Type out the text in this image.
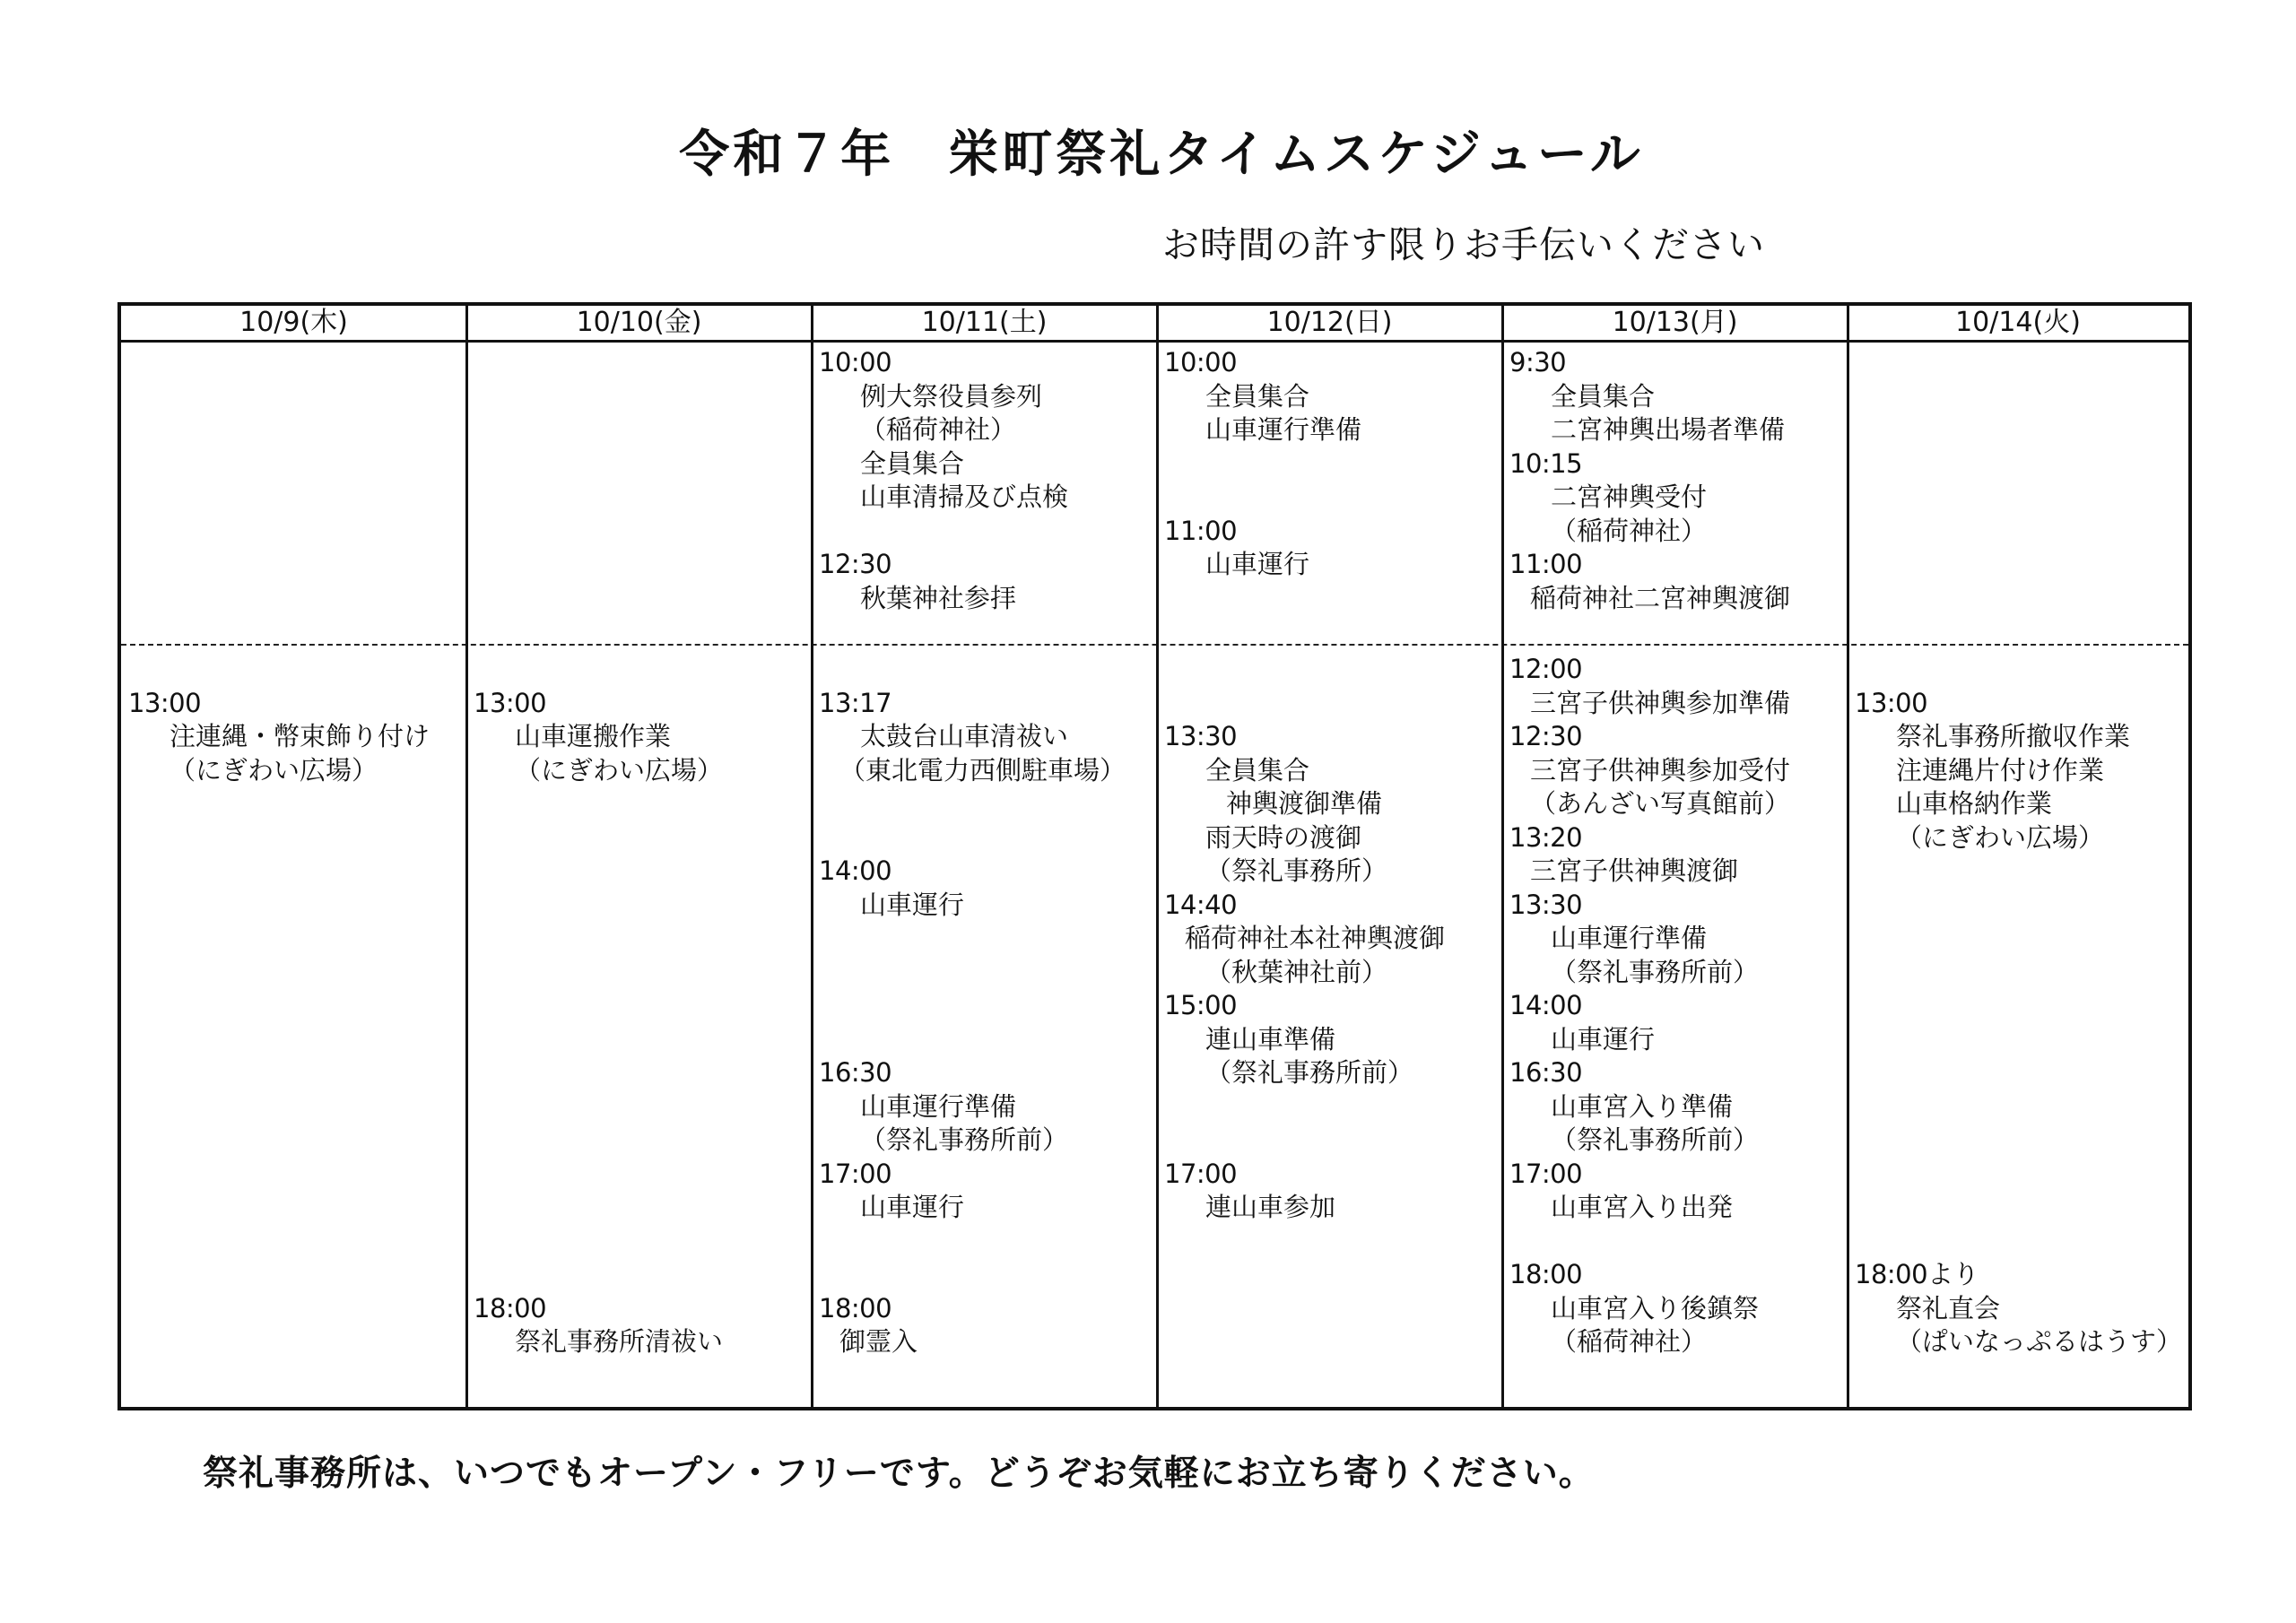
令和７年　栄町祭礼タイムスケジュール
お時間の許す限りお手伝いください
10/9(木)
13:00
注連縄・幣束飾り付け
（にぎわい広場）
10/10(金)
13:00
山車運搬作業
（にぎわい広場）
18:00
祭礼事務所清祓い
10/11(土)
10:00
例大祭役員参列
（稲荷神社）
全員集合
山車清掃及び点検
12:30
秋葉神社参拝
13:17
太鼓台山車清祓い
（東北電力西側駐車場）
14:00
山車運行
16:30
山車運行準備
（祭礼事務所前）
17:00
山車運行
18:00
御霊入
10/12(日)
10:00
全員集合
山車運行準備
11:00
山車運行
13:30
全員集合
神輿渡御準備
雨天時の渡御
（祭礼事務所）
14:40
稲荷神社本社神輿渡御
（秋葉神社前）
15:00
連山車準備
（祭礼事務所前）
17:00
連山車参加
10/13(月)
9:30
全員集合
二宮神輿出場者準備
10:15
二宮神輿受付
（稲荷神社）
11:00
稲荷神社二宮神輿渡御
12:00
三宮子供神輿参加準備
12:30
三宮子供神輿参加受付
（あんざい写真館前）
13:20
三宮子供神輿渡御
13:30
山車運行準備
（祭礼事務所前）
14:00
山車運行
16:30
山車宮入り準備
（祭礼事務所前）
17:00
山車宮入り出発
18:00
山車宮入り後鎮祭
（稲荷神社）
10/14(火)
13:00
祭礼事務所撤収作業
注連縄片付け作業
山車格納作業
（にぎわい広場）
18:00より
祭礼直会
（ぱいなっぷるはうす）
祭礼事務所は、いつでもオープン・フリーです。どうぞお気軽にお立ち寄りください。
